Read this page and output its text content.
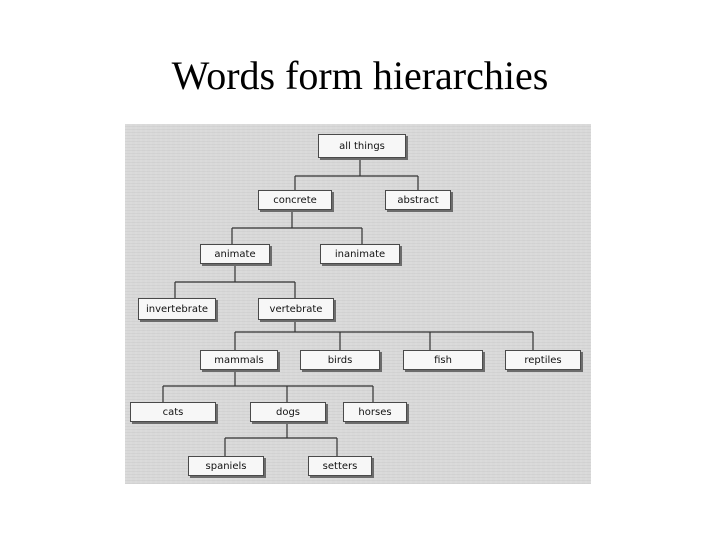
Words form hierarchies
all things
concrete	abstract
animate	inanimate
invertebrate	vertebrate
mammals	birds	fish	reptiles
cats	dogs	horses
spaniels	setters
